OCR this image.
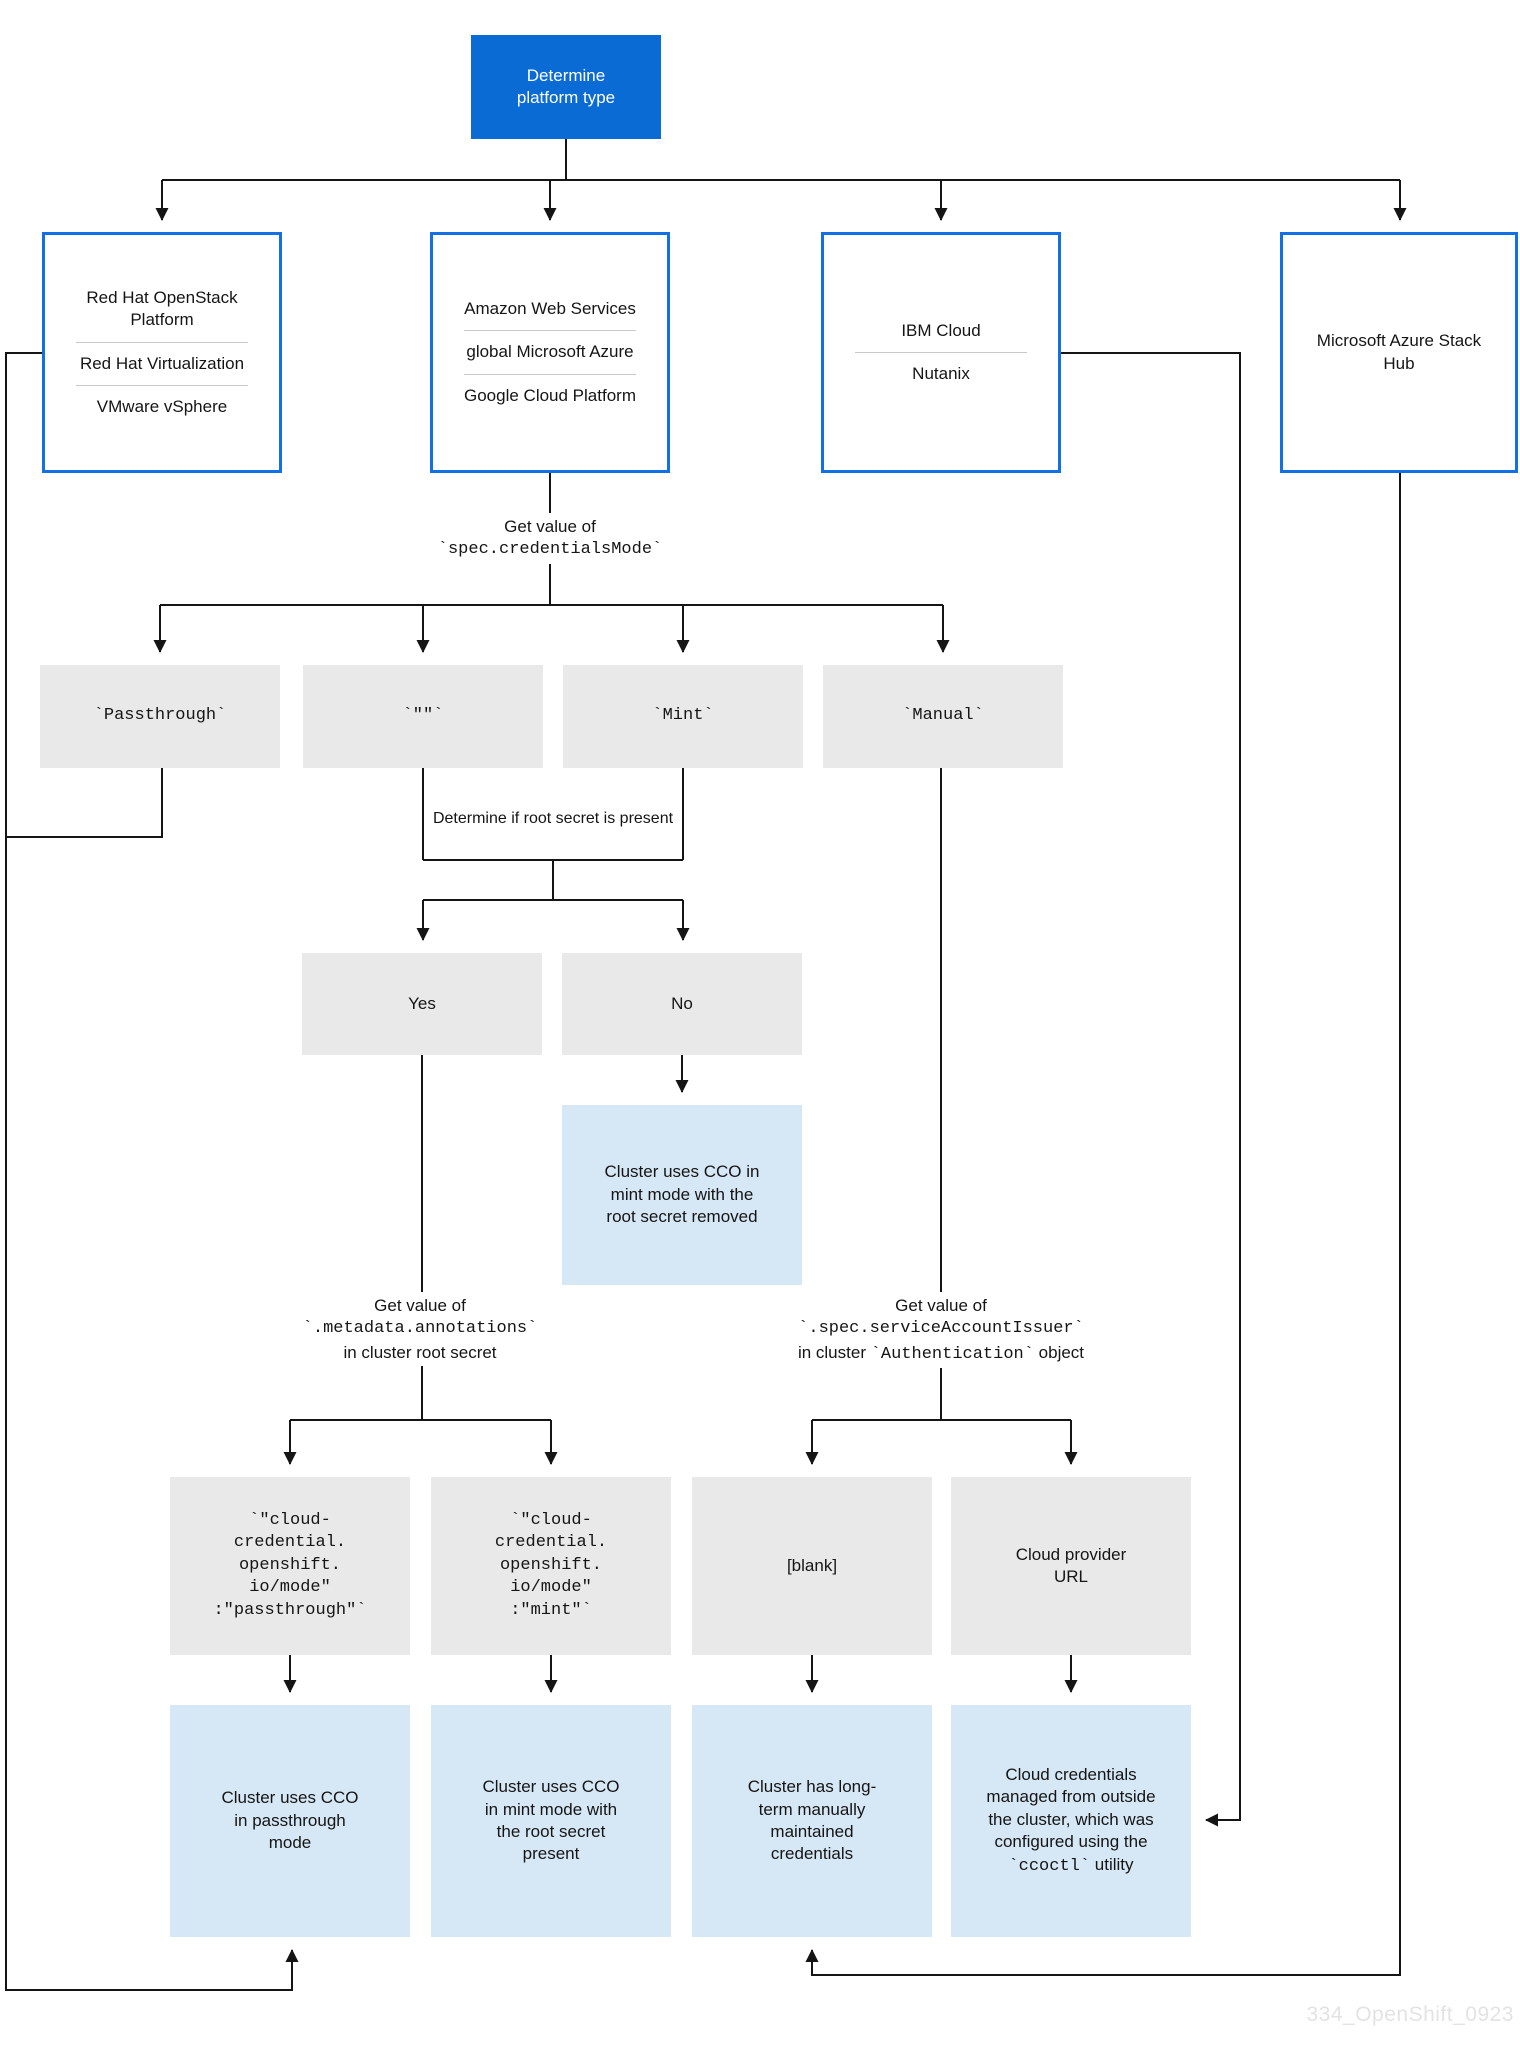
Determine platform type
Red Hat OpenStack Platform
Red Hat Virtualization
VMware vSphere
Amazon Web Services
global Microsoft Azure
Google Cloud Platform
IBM Cloud
Nutanix
Microsoft Azure Stack Hub
Get value of
`spec.credentialsMode`
`Passthrough`	`""`	`Mint`	`Manual`
Determine if root secret is present
Yes	No
Cluster uses CCO in mint mode with the root secret removed
Get value of
`.metadata.annotations`
in cluster root secret
Get value of
`.spec.serviceAccountIssuer`
in cluster `Authentication` object
`"cloud-
credential.
openshift.
io/mode"
:"passthrough"`
`"cloud-
credential.
openshift.
io/mode"
:"mint"`
[blank]
Cloud provider URL
Cluster uses CCO in passthrough mode
Cluster uses CCO in mint mode with the root secret present
Cluster has long-term manually maintained credentials
Cloud credentials managed from outside the cluster, which was configured using the `ccoctl` utility
334_OpenShift_0923
